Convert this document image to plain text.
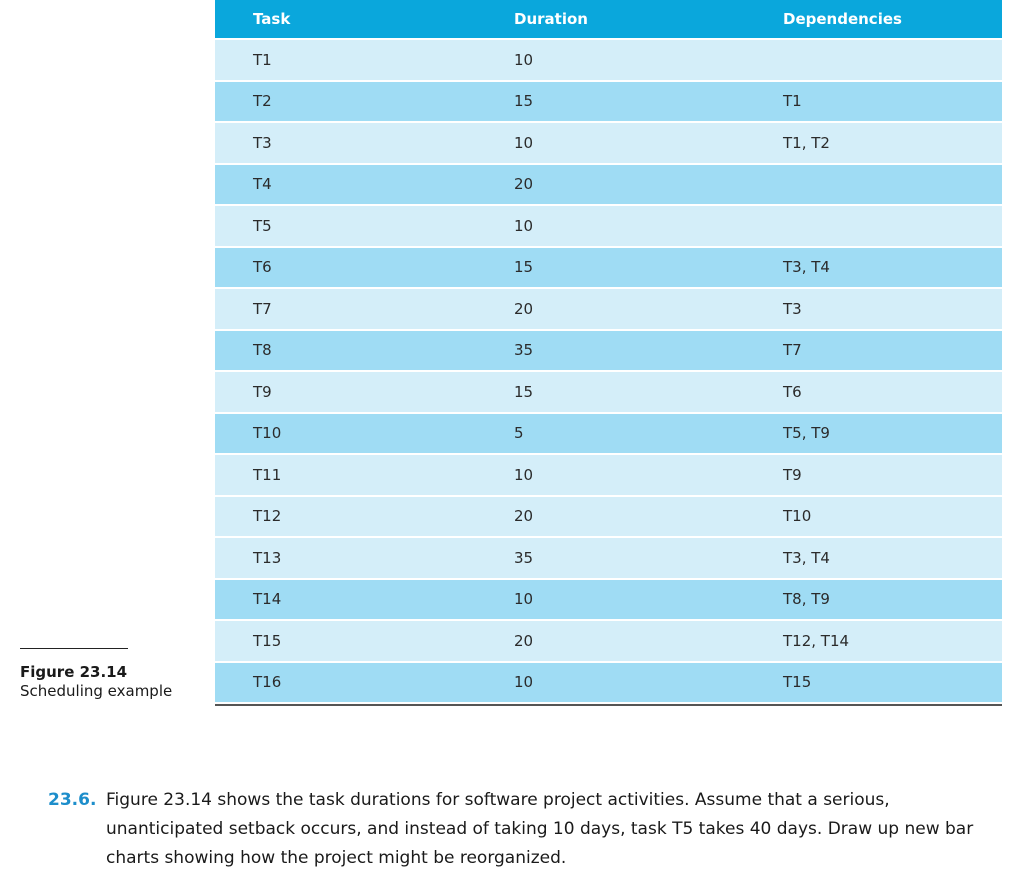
Task	Duration	Dependencies
T1	10	
T2	15	T1
T3	10	T1, T2
T4	20	
T5	10	
T6	15	T3, T4
T7	20	T3
T8	35	T7
T9	15	T6
T10	5	T5, T9
T11	10	T9
T12	20	T10
T13	35	T3, T4
T14	10	T8, T9
T15	20	T12, T14
T16	10	T15
Figure 23.14
Scheduling example
23.6. Figure 23.14 shows the task durations for software project activities. Assume that a serious, unanticipated setback occurs, and instead of taking 10 days, task T5 takes 40 days. Draw up new bar charts showing how the project might be reorganized.
